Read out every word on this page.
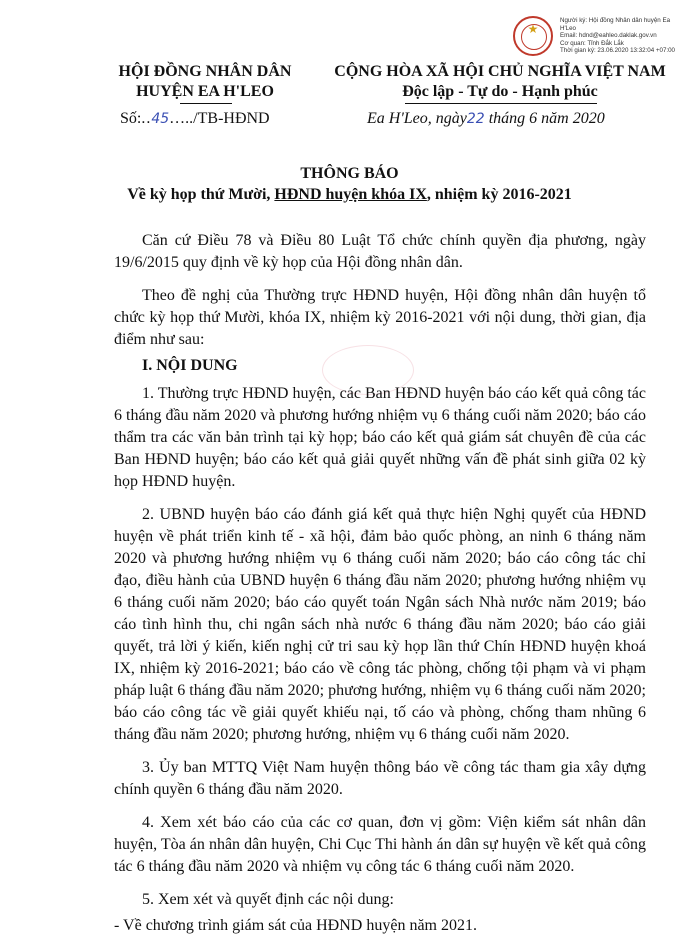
★
Người ký: Hội đồng Nhân dân huyện Ea
H'Leo
Email: hdnd@eahleo.daklak.gov.vn
Cơ quan: Tỉnh Đắk Lắk
Thời gian ký: 23.06.2020 13:32:04 +07:00
HỘI ĐỒNG NHÂN DÂN
HUYỆN EA H'LEO
CỘNG HÒA XÃ HỘI CHỦ NGHĨA VIỆT NAM
Độc lập - Tự do - Hạnh phúc
Số:..45…../TB-HĐND	Ea H'Leo, ngày22 tháng 6 năm 2020
THÔNG BÁO
Về kỳ họp thứ Mười, HĐND huyện khóa IX, nhiệm kỳ 2016-2021

Căn cứ Điều 78 và Điều 80 Luật Tổ chức chính quyền địa phương, ngày 19/6/2015 quy định về kỳ họp của Hội đồng nhân dân.

Theo đề nghị của Thường trực HĐND huyện, Hội đồng nhân dân huyện tổ chức kỳ họp thứ Mười, khóa IX, nhiệm kỳ 2016-2021 với nội dung, thời gian, địa điểm như sau:

I. NỘI DUNG

1. Thường trực HĐND huyện, các Ban HĐND huyện báo cáo kết quả công tác 6 tháng đầu năm 2020 và phương hướng nhiệm vụ 6 tháng cuối năm 2020; báo cáo thẩm tra các văn bản trình tại kỳ họp; báo cáo kết quả giám sát chuyên đề của các Ban HĐND huyện; báo cáo kết quả giải quyết những vấn đề phát sinh giữa 02 kỳ họp HĐND huyện.

2. UBND huyện báo cáo đánh giá kết quả thực hiện Nghị quyết của HĐND huyện về phát triển kinh tế - xã hội, đảm bảo quốc phòng, an ninh 6 tháng năm 2020 và phương hướng nhiệm vụ 6 tháng cuối năm 2020; báo cáo công tác chỉ đạo, điều hành của UBND huyện 6 tháng đầu năm 2020; phương hướng nhiệm vụ 6 tháng cuối năm 2020; báo cáo quyết toán Ngân sách Nhà nước năm 2019; báo cáo tình hình thu, chi ngân sách nhà nước 6 tháng đầu năm 2020; báo cáo giải quyết, trả lời ý kiến, kiến nghị cử tri sau kỳ họp lần thứ Chín HĐND huyện khoá IX, nhiệm kỳ 2016-2021; báo cáo về công tác phòng, chống tội phạm và vi phạm pháp luật 6 tháng đầu năm 2020; phương hướng, nhiệm vụ 6 tháng cuối năm 2020; báo cáo công tác về giải quyết khiếu nại, tố cáo và phòng, chống tham nhũng 6 tháng đầu năm 2020; phương hướng, nhiệm vụ 6 tháng cuối năm 2020.

3. Ủy ban MTTQ Việt Nam huyện thông báo về công tác tham gia xây dựng chính quyền 6 tháng đầu năm 2020.

4. Xem xét báo cáo của các cơ quan, đơn vị gồm: Viện kiểm sát nhân dân huyện, Tòa án nhân dân huyện, Chi Cục Thi hành án dân sự huyện về kết quả công tác 6 tháng đầu năm 2020 và nhiệm vụ công tác 6 tháng cuối năm 2020.

5. Xem xét và quyết định các nội dung:

- Về chương trình giám sát của HĐND huyện năm 2021.
